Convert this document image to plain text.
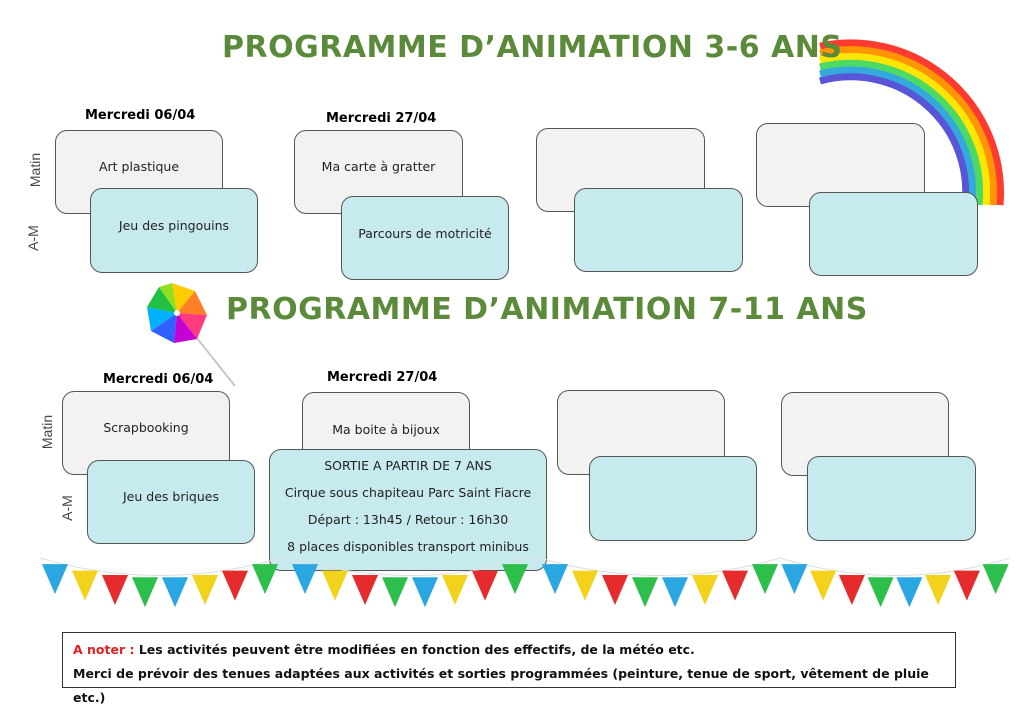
PROGRAMME D’ANIMATION 3-6 ANS
PROGRAMME D’ANIMATION 7-11 ANS
Matin
A-M
Mercredi 06/04	Mercredi 27/04
Art plastique
Jeu des pingouins
Ma carte à gratter
Parcours de motricité
Matin
A-M
Mercredi 06/04	Mercredi 27/04
Scrapbooking
Jeu des briques
Ma boite à bijoux
SORTIE A PARTIR DE 7 ANS
Cirque sous chapiteau Parc Saint Fiacre
Départ : 13h45 / Retour : 16h30
8 places disponibles transport minibus
A noter : Les activités peuvent être modifiées en fonction des effectifs, de la météo etc.
Merci de prévoir des tenues adaptées aux activités et sorties programmées (peinture, tenue de sport, vêtement de pluie etc.)
